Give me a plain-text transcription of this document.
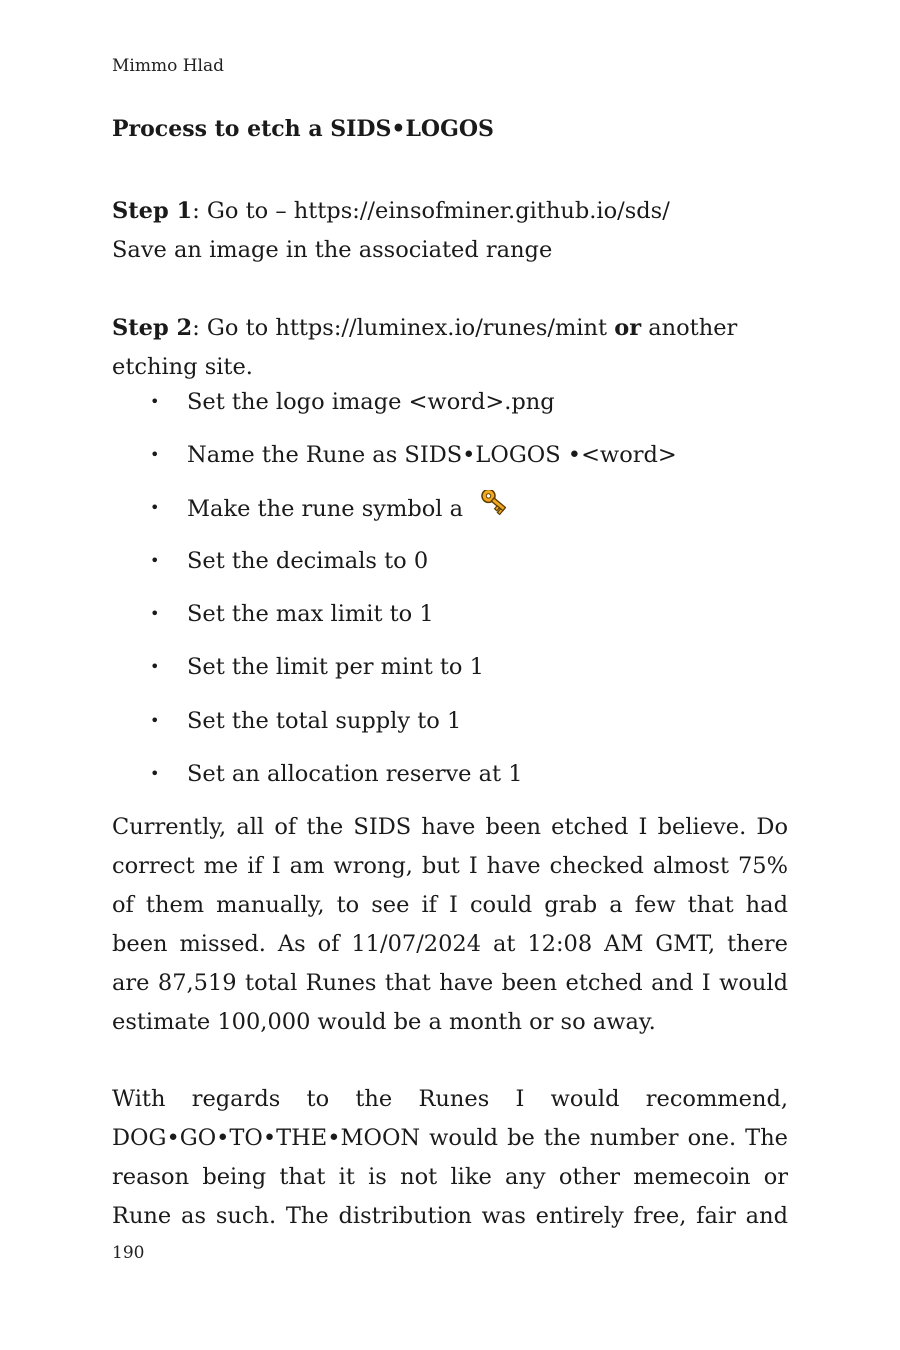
Mimmo Hlad
Process to etch a SIDS•LOGOS
Step 1: Go to – https://einsofminer.github.io/sds/
Save an image in the associated range
Step 2: Go to https://luminex.io/runes/mint or another etching site.
• Set the logo image <word>.png
• Name the Rune as SIDS•LOGOS •<word>
• Make the rune symbol a
• Set the decimals to 0
• Set the max limit to 1
• Set the limit per mint to 1
• Set the total supply to 1
• Set an allocation reserve at 1

Currently, all of the SIDS have been etched I believe. Do correct me if I am wrong, but I have checked almost 75% of them manually, to see if I could grab a few that had been missed. As of 11/07/2024 at 12:08 AM GMT, there are 87,519 total Runes that have been etched and I would estimate 100,000 would be a month or so away.

With regards to the Runes I would recommend, DOG•GO•TO•THE•MOON would be the number one. The reason being that it is not like any other memecoin or Rune as such. The distribution was entirely free, fair and

190
